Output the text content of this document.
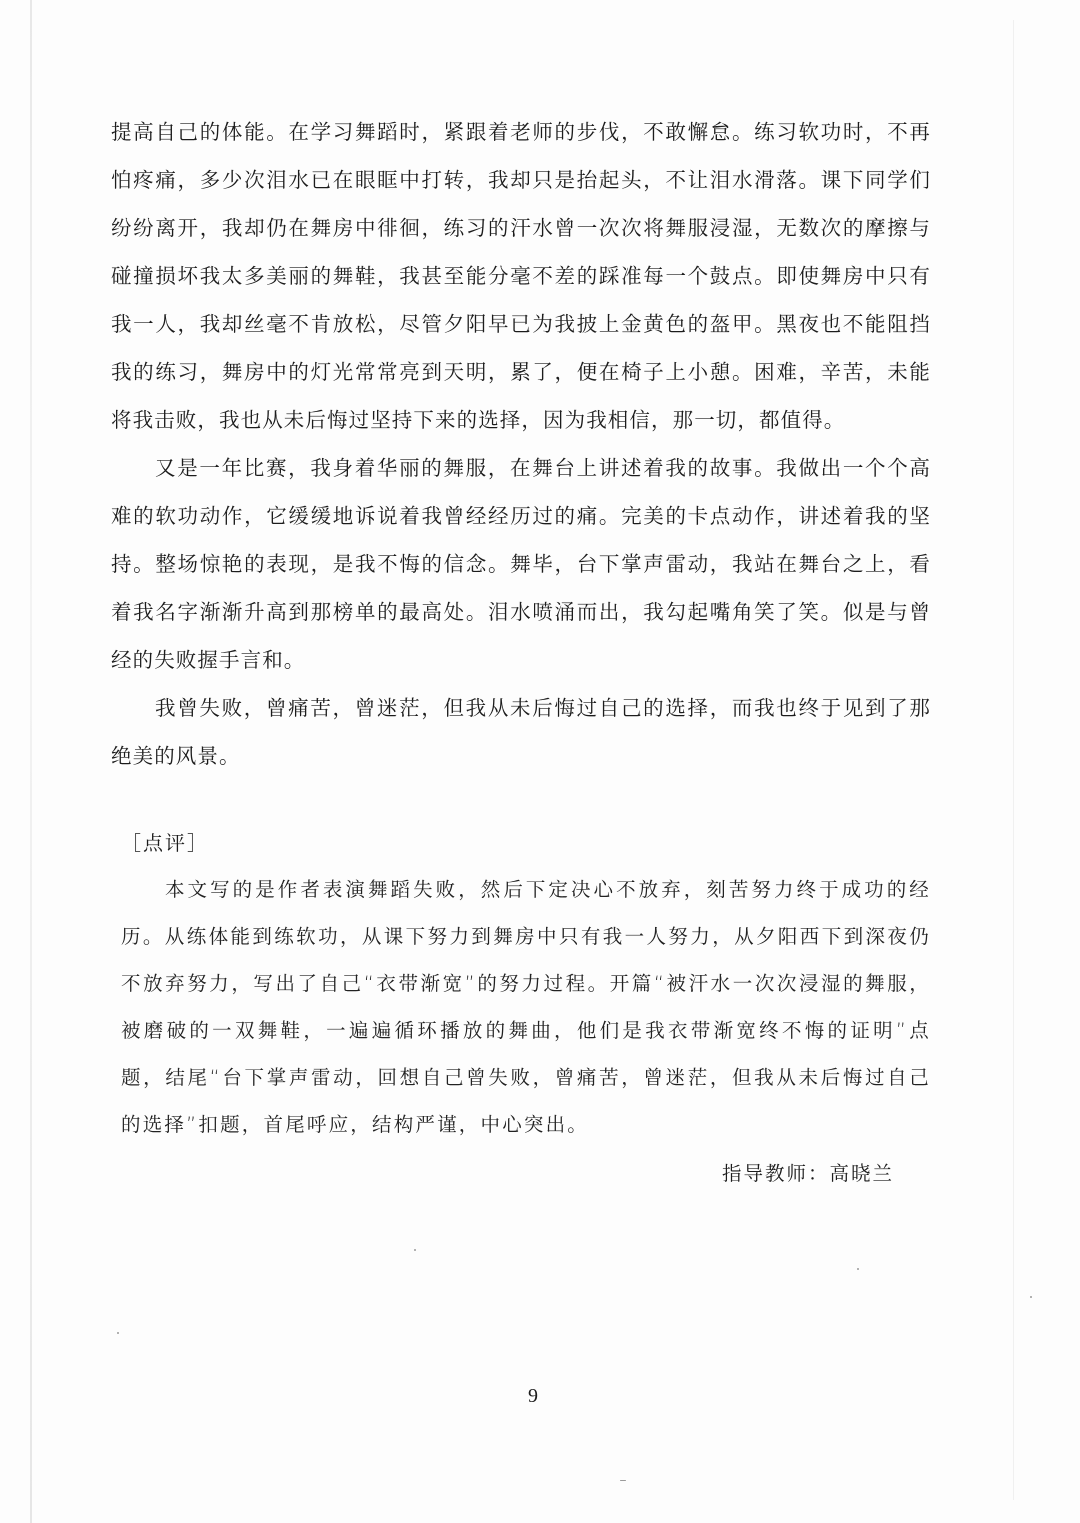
提高自己的体能。在学习舞蹈时，紧跟着老师的步伐，不敢懈怠。练习软功时，不再怕疼痛，多少次泪水已在眼眶中打转，我却只是抬起头，不让泪水滑落。课下同学们纷纷离开，我却仍在舞房中徘徊，练习的汗水曾一次次将舞服浸湿，无数次的摩擦与碰撞损坏我太多美丽的舞鞋，我甚至能分毫不差的踩准每一个鼓点。即使舞房中只有我一人，我却丝毫不肯放松，尽管夕阳早已为我披上金黄色的盔甲。黑夜也不能阻挡我的练习，舞房中的灯光常常亮到天明，累了，便在椅子上小憩。困难，辛苦，未能将我击败，我也从未后悔过坚持下来的选择，因为我相信，那一切，都值得。

又是一年比赛，我身着华丽的舞服，在舞台上讲述着我的故事。我做出一个个高难的软功动作，它缓缓地诉说着我曾经经历过的痛。完美的卡点动作，讲述着我的坚持。整场惊艳的表现，是我不悔的信念。舞毕，台下掌声雷动，我站在舞台之上，看着我名字渐渐升高到那榜单的最高处。泪水喷涌而出，我勾起嘴角笑了笑。似是与曾经的失败握手言和。

我曾失败，曾痛苦，曾迷茫，但我从未后悔过自己的选择，而我也终于见到了那绝美的风景。

［点评］

本文写的是作者表演舞蹈失败，然后下定决心不放弃，刻苦努力终于成功的经历。从练体能到练软功，从课下努力到舞房中只有我一人努力，从夕阳西下到深夜仍不放弃努力，写出了自己“衣带渐宽”的努力过程。开篇“被汗水一次次浸湿的舞服，被磨破的一双舞鞋，一遍遍循环播放的舞曲，他们是我衣带渐宽终不悔的证明”点题，结尾“台下掌声雷动，回想自己曾失败，曾痛苦，曾迷茫，但我从未后悔过自己的选择”扣题，首尾呼应，结构严谨，中心突出。

指导教师：高晓兰
9
